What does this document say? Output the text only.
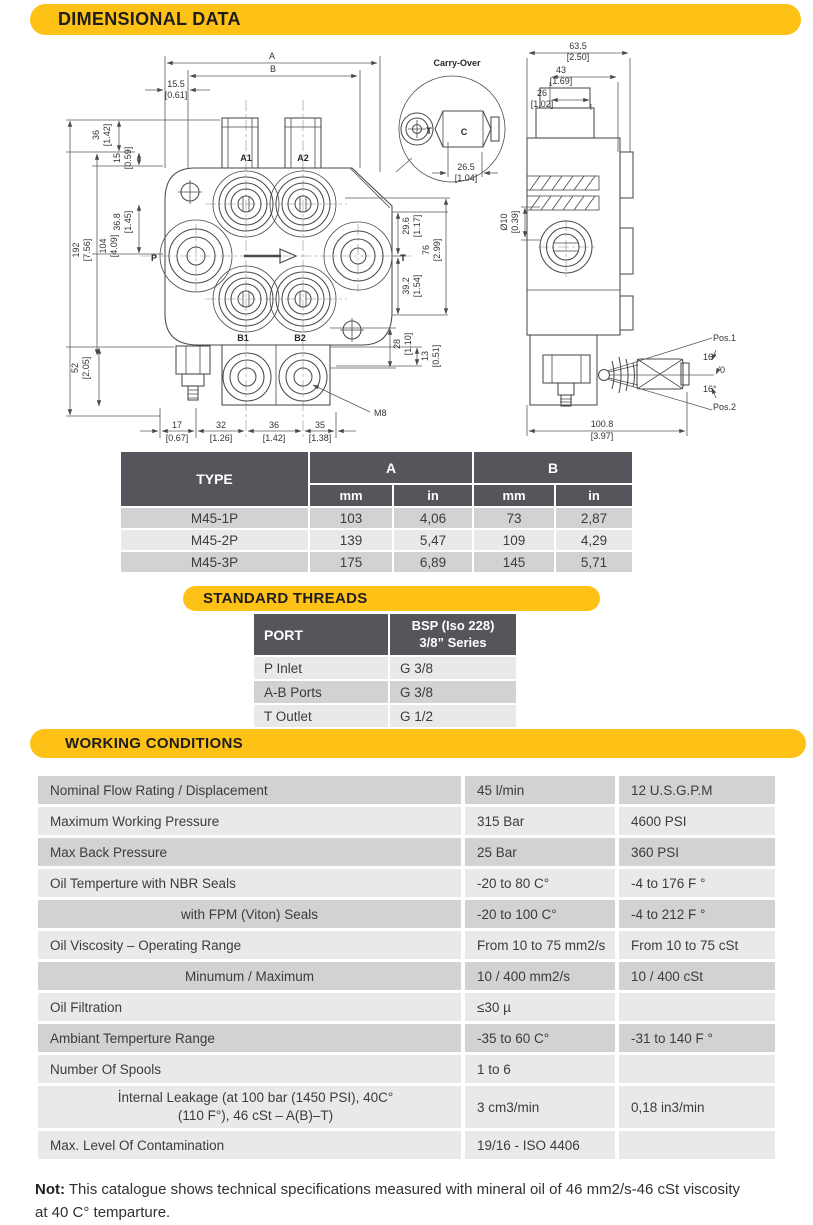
A
B
15.5
[0.61]
36 [1.42]
15 [0.59]
36.8 [1.45]
104 [4.09]
192 [7.56]
52 [2.05]
17
[0.67]
32
[1.26]
36
[1.42]
35
[1.38]
29.6 [1.17]
76 [2.99]
39.2 [1.54]
28 [1.10]
13 [0.51]
A1	A2
B1	B2
P	T
M8
Carry-Over
T	C
26.5
[1.04]
63.5
[2.50]
43
[1.69]
26
[1.02]
Ø10 [0.39]
Pos.1
16°
0
16°
Pos.2
100.8
[3.97]
DIMENSIONAL DATA
STANDARD THREADS
WORKING CONDITIONS
TYPE
A	B
mm	in	mm	in
M45-1P	103	4,06	73	2,87
M45-2P	139	5,47	109	4,29
M45-3P	175	6,89	145	5,71
PORT
BSP (Iso 228)
3/8” Series
P Inlet	G 3/8
A-B Ports	G 3/8
T Outlet	G 1/2
Nominal Flow Rating / Displacement	45 l/min	12 U.S.G.P.M
Maximum Working Pressure	315 Bar	4600 PSI
Max Back Pressure	25 Bar	360 PSI
Oil Temperture with NBR Seals	-20 to 80 C°	-4 to 176 F °
with FPM (Viton) Seals	-20 to 100 C°	-4 to 212 F °
Oil Viscosity – Operating Range	From 10 to 75 mm2/s	From 10 to 75 cSt
Minumum / Maximum	10 / 400 mm2/s	10 / 400 cSt
Oil Filtration	≤30 µ
Ambiant Temperture Range	-35 to 60 C°	-31 to 140 F °
Number Of Spools	1 to 6
İnternal Leakage (at 100 bar (1450 PSI), 40C°
(110 F°), 46 cSt – A(B)–T)
3 cm3/min	0,18 in3/min
Max. Level Of Contamination	19/16 - ISO 4406

Not: This catalogue shows technical specifications measured with mineral oil of 46 mm2/s-46 cSt viscosity at 40 C° temparture.
